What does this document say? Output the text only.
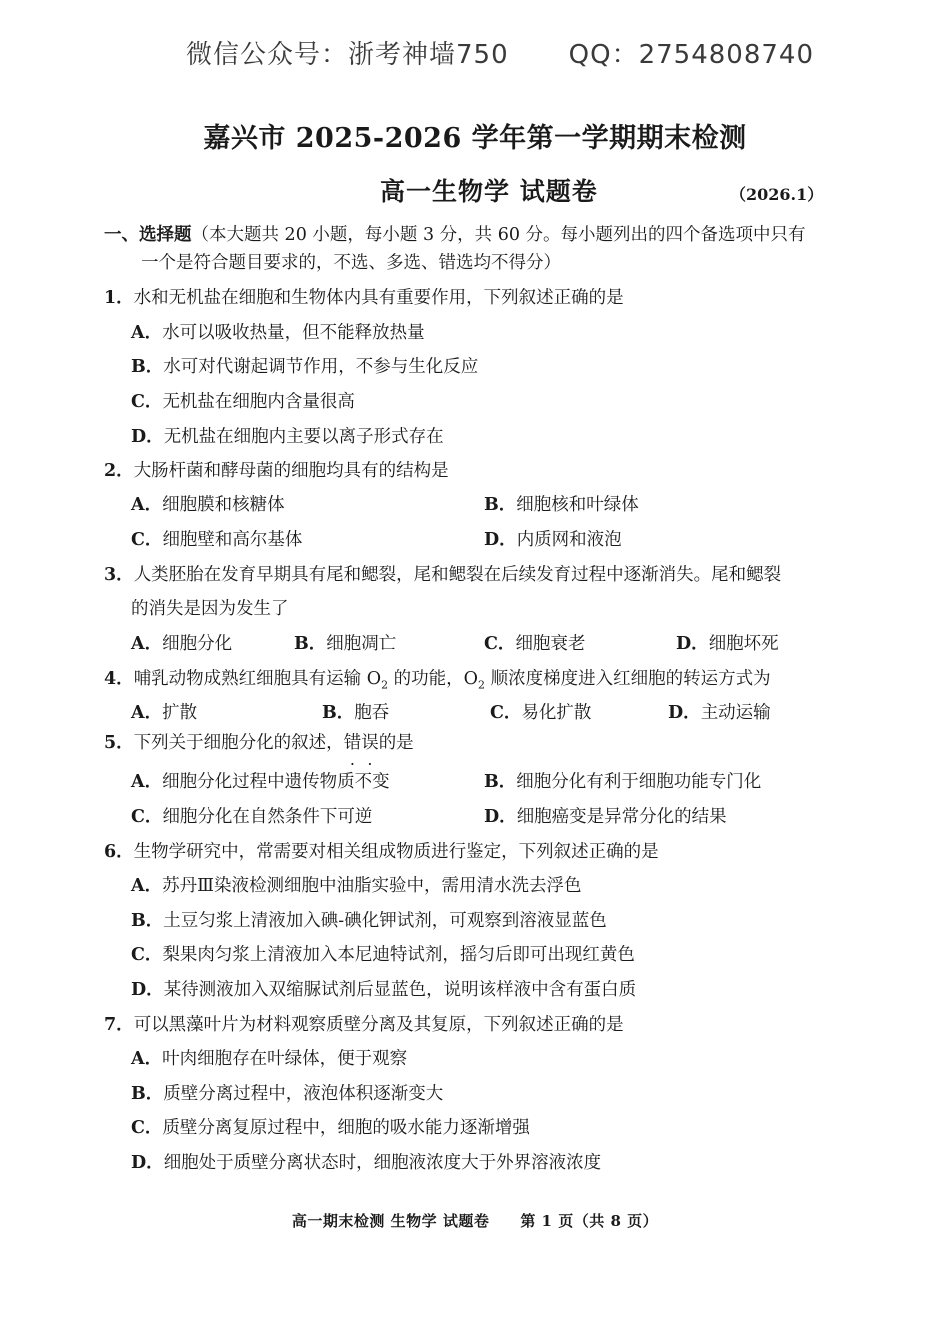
微信公众号：浙考神墙750 QQ：2754808740
嘉兴市 2025-2026 学年第一学期期末检测
高一生物学 试题卷	（2026.1）
一、选择题（本大题共 20 小题，每小题 3 分，共 60 分。每小题列出的四个备选项中只有
一个是符合题目要求的，不选、多选、错选均不得分）
1．水和无机盐在细胞和生物体内具有重要作用，下列叙述正确的是
A．水可以吸收热量，但不能释放热量
B．水可对代谢起调节作用，不参与生化反应
C．无机盐在细胞内含量很高
D．无机盐在细胞内主要以离子形式存在
2．大肠杆菌和酵母菌的细胞均具有的结构是
A．细胞膜和核糖体	B．细胞核和叶绿体
C．细胞壁和高尔基体	D．内质网和液泡
3．人类胚胎在发育早期具有尾和鳃裂，尾和鳃裂在后续发育过程中逐渐消失。尾和鳃裂
的消失是因为发生了
A．细胞分化	B．细胞凋亡	C．细胞衰老	D．细胞坏死
4．哺乳动物成熟红细胞具有运输 $O_2$ 的功能，$O_2$ 顺浓度梯度进入红细胞的转运方式为
A．扩散	B．胞吞	C．易化扩散	D．主动运输
5．下列关于细胞分化的叙述，错误的是
A．细胞分化过程中遗传物质不变	B．细胞分化有利于细胞功能专门化
C．细胞分化在自然条件下可逆	D．细胞癌变是异常分化的结果
6．生物学研究中，常需要对相关组成物质进行鉴定，下列叙述正确的是
A．苏丹Ⅲ染液检测细胞中油脂实验中，需用清水洗去浮色
B．土豆匀浆上清液加入碘-碘化钾试剂，可观察到溶液显蓝色
C．梨果肉匀浆上清液加入本尼迪特试剂，摇匀后即可出现红黄色
D．某待测液加入双缩脲试剂后显蓝色，说明该样液中含有蛋白质
7．可以黑藻叶片为材料观察质壁分离及其复原，下列叙述正确的是
A．叶肉细胞存在叶绿体，便于观察
B．质壁分离过程中，液泡体积逐渐变大
C．质壁分离复原过程中，细胞的吸水能力逐渐增强
D．细胞处于质壁分离状态时，细胞液浓度大于外界溶液浓度
高一期末检测 生物学 试题卷　　第 1 页（共 8 页）
